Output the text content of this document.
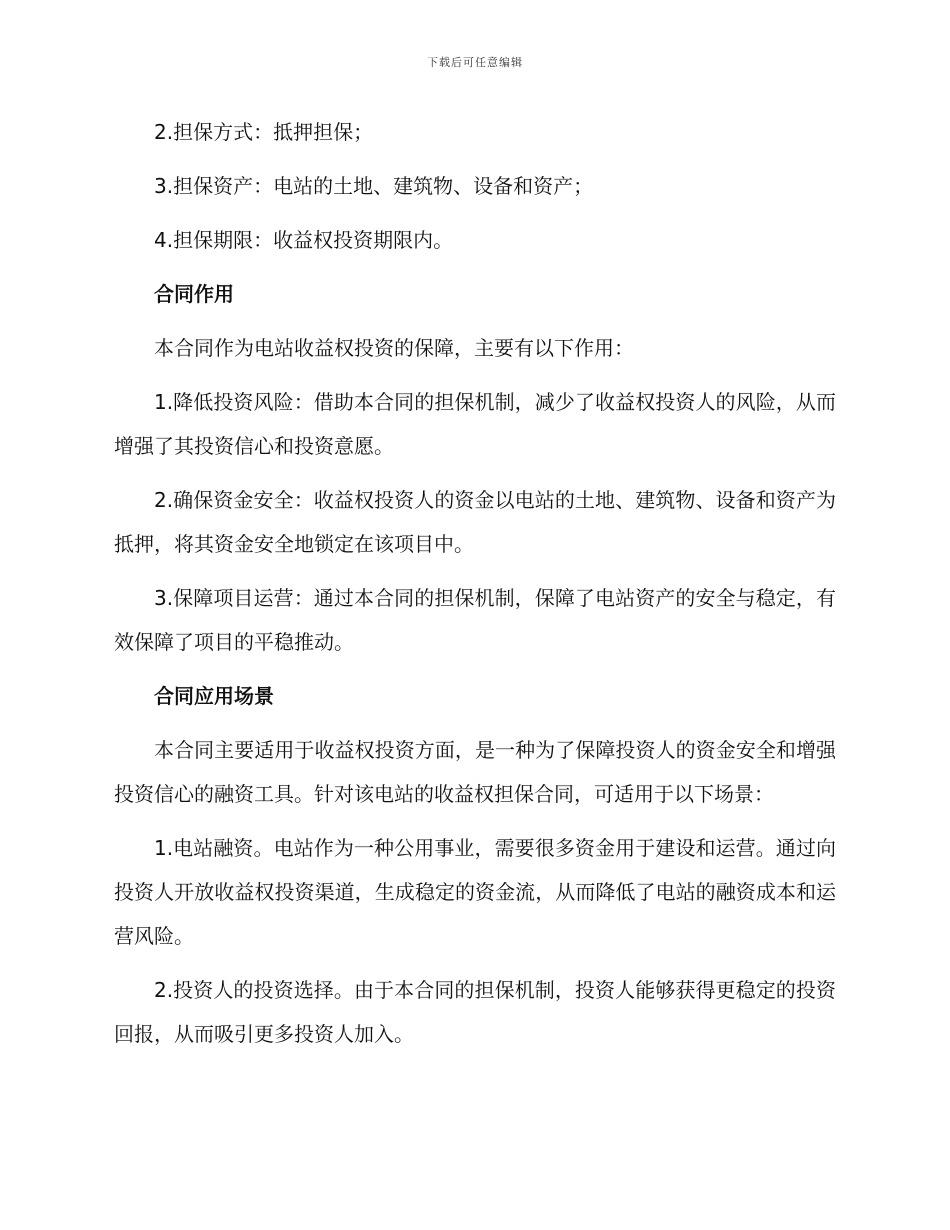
下载后可任意编辑

2.担保方式：抵押担保；

3.担保资产：电站的土地、建筑物、设备和资产；

4.担保期限：收益权投资期限内。

合同作用

本合同作为电站收益权投资的保障，主要有以下作用：

1.降低投资风险：借助本合同的担保机制，减少了收益权投资人的风险，从而增强了其投资信心和投资意愿。

2.确保资金安全：收益权投资人的资金以电站的土地、建筑物、设备和资产为抵押，将其资金安全地锁定在该项目中。

3.保障项目运营：通过本合同的担保机制，保障了电站资产的安全与稳定，有效保障了项目的平稳推动。

合同应用场景

本合同主要适用于收益权投资方面，是一种为了保障投资人的资金安全和增强投资信心的融资工具。针对该电站的收益权担保合同，可适用于以下场景：

1.电站融资。电站作为一种公用事业，需要很多资金用于建设和运营。通过向投资人开放收益权投资渠道，生成稳定的资金流，从而降低了电站的融资成本和运营风险。

2.投资人的投资选择。由于本合同的担保机制，投资人能够获得更稳定的投资回报，从而吸引更多投资人加入。
